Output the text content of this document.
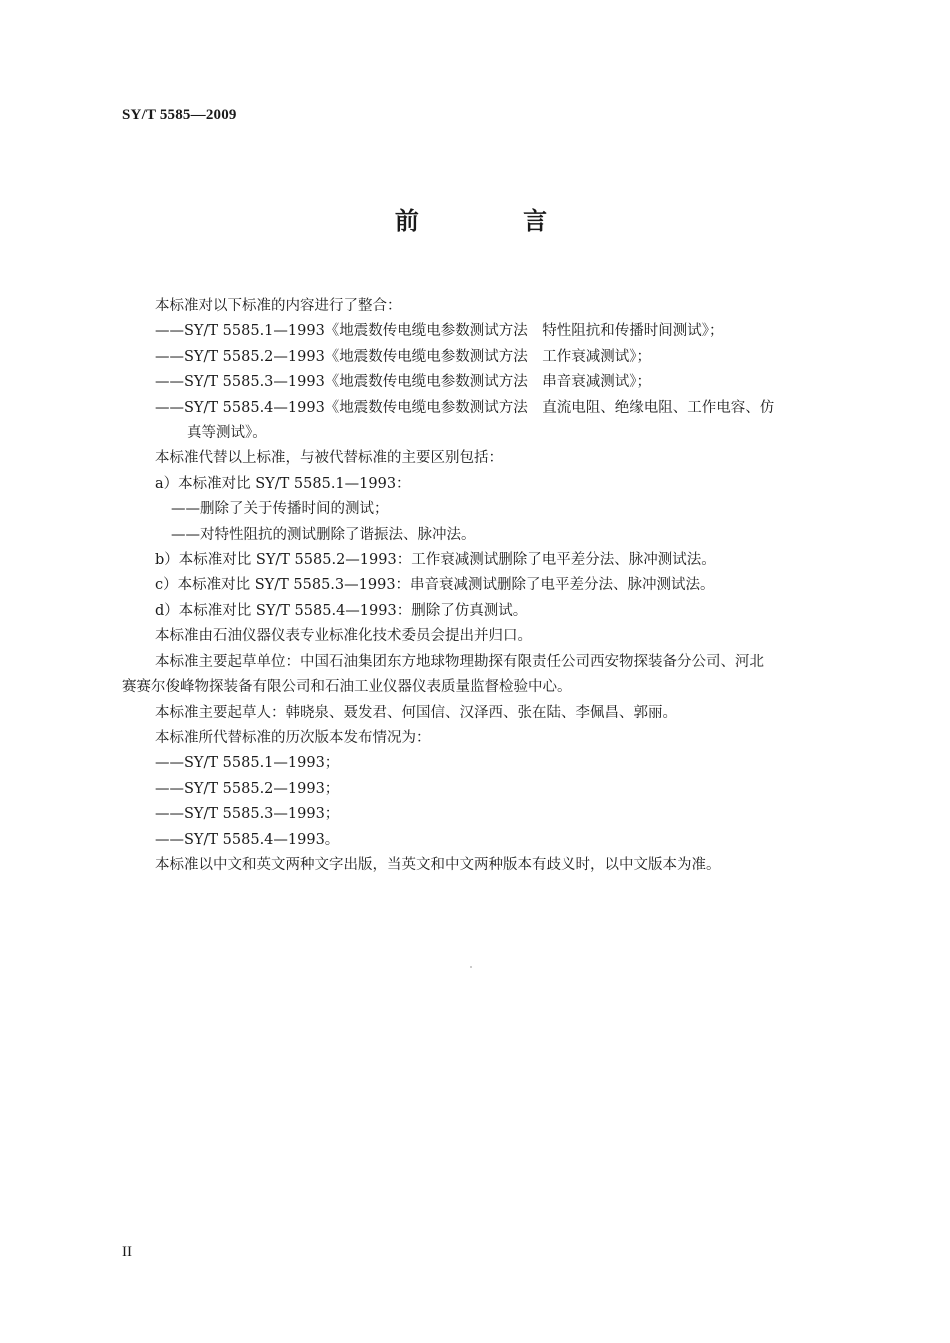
SY/T 5585—2009
前 言
本标准对以下标准的内容进行了整合：
——SY/T 5585.1—1993《地震数传电缆电参数测试方法　特性阻抗和传播时间测试》；
——SY/T 5585.2—1993《地震数传电缆电参数测试方法　工作衰减测试》；
——SY/T 5585.3—1993《地震数传电缆电参数测试方法　串音衰减测试》；
——SY/T 5585.4—1993《地震数传电缆电参数测试方法　直流电阻、绝缘电阻、工作电容、仿
真等测试》。
本标准代替以上标准，与被代替标准的主要区别包括：
a）本标准对比 SY/T 5585.1—1993：
——删除了关于传播时间的测试；
——对特性阻抗的测试删除了谐振法、脉冲法。
b）本标准对比 SY/T 5585.2—1993：工作衰减测试删除了电平差分法、脉冲测试法。
c）本标准对比 SY/T 5585.3—1993：串音衰减测试删除了电平差分法、脉冲测试法。
d）本标准对比 SY/T 5585.4—1993：删除了仿真测试。
本标准由石油仪器仪表专业标准化技术委员会提出并归口。
本标准主要起草单位：中国石油集团东方地球物理勘探有限责任公司西安物探装备分公司、河北
赛赛尔俊峰物探装备有限公司和石油工业仪器仪表质量监督检验中心。
本标准主要起草人：韩晓泉、聂发君、何国信、汉泽西、张在陆、李佩昌、郭丽。
本标准所代替标准的历次版本发布情况为：
——SY/T 5585.1—1993；
——SY/T 5585.2—1993；
——SY/T 5585.3—1993；
——SY/T 5585.4—1993。
本标准以中文和英文两种文字出版，当英文和中文两种版本有歧义时，以中文版本为准。
II
